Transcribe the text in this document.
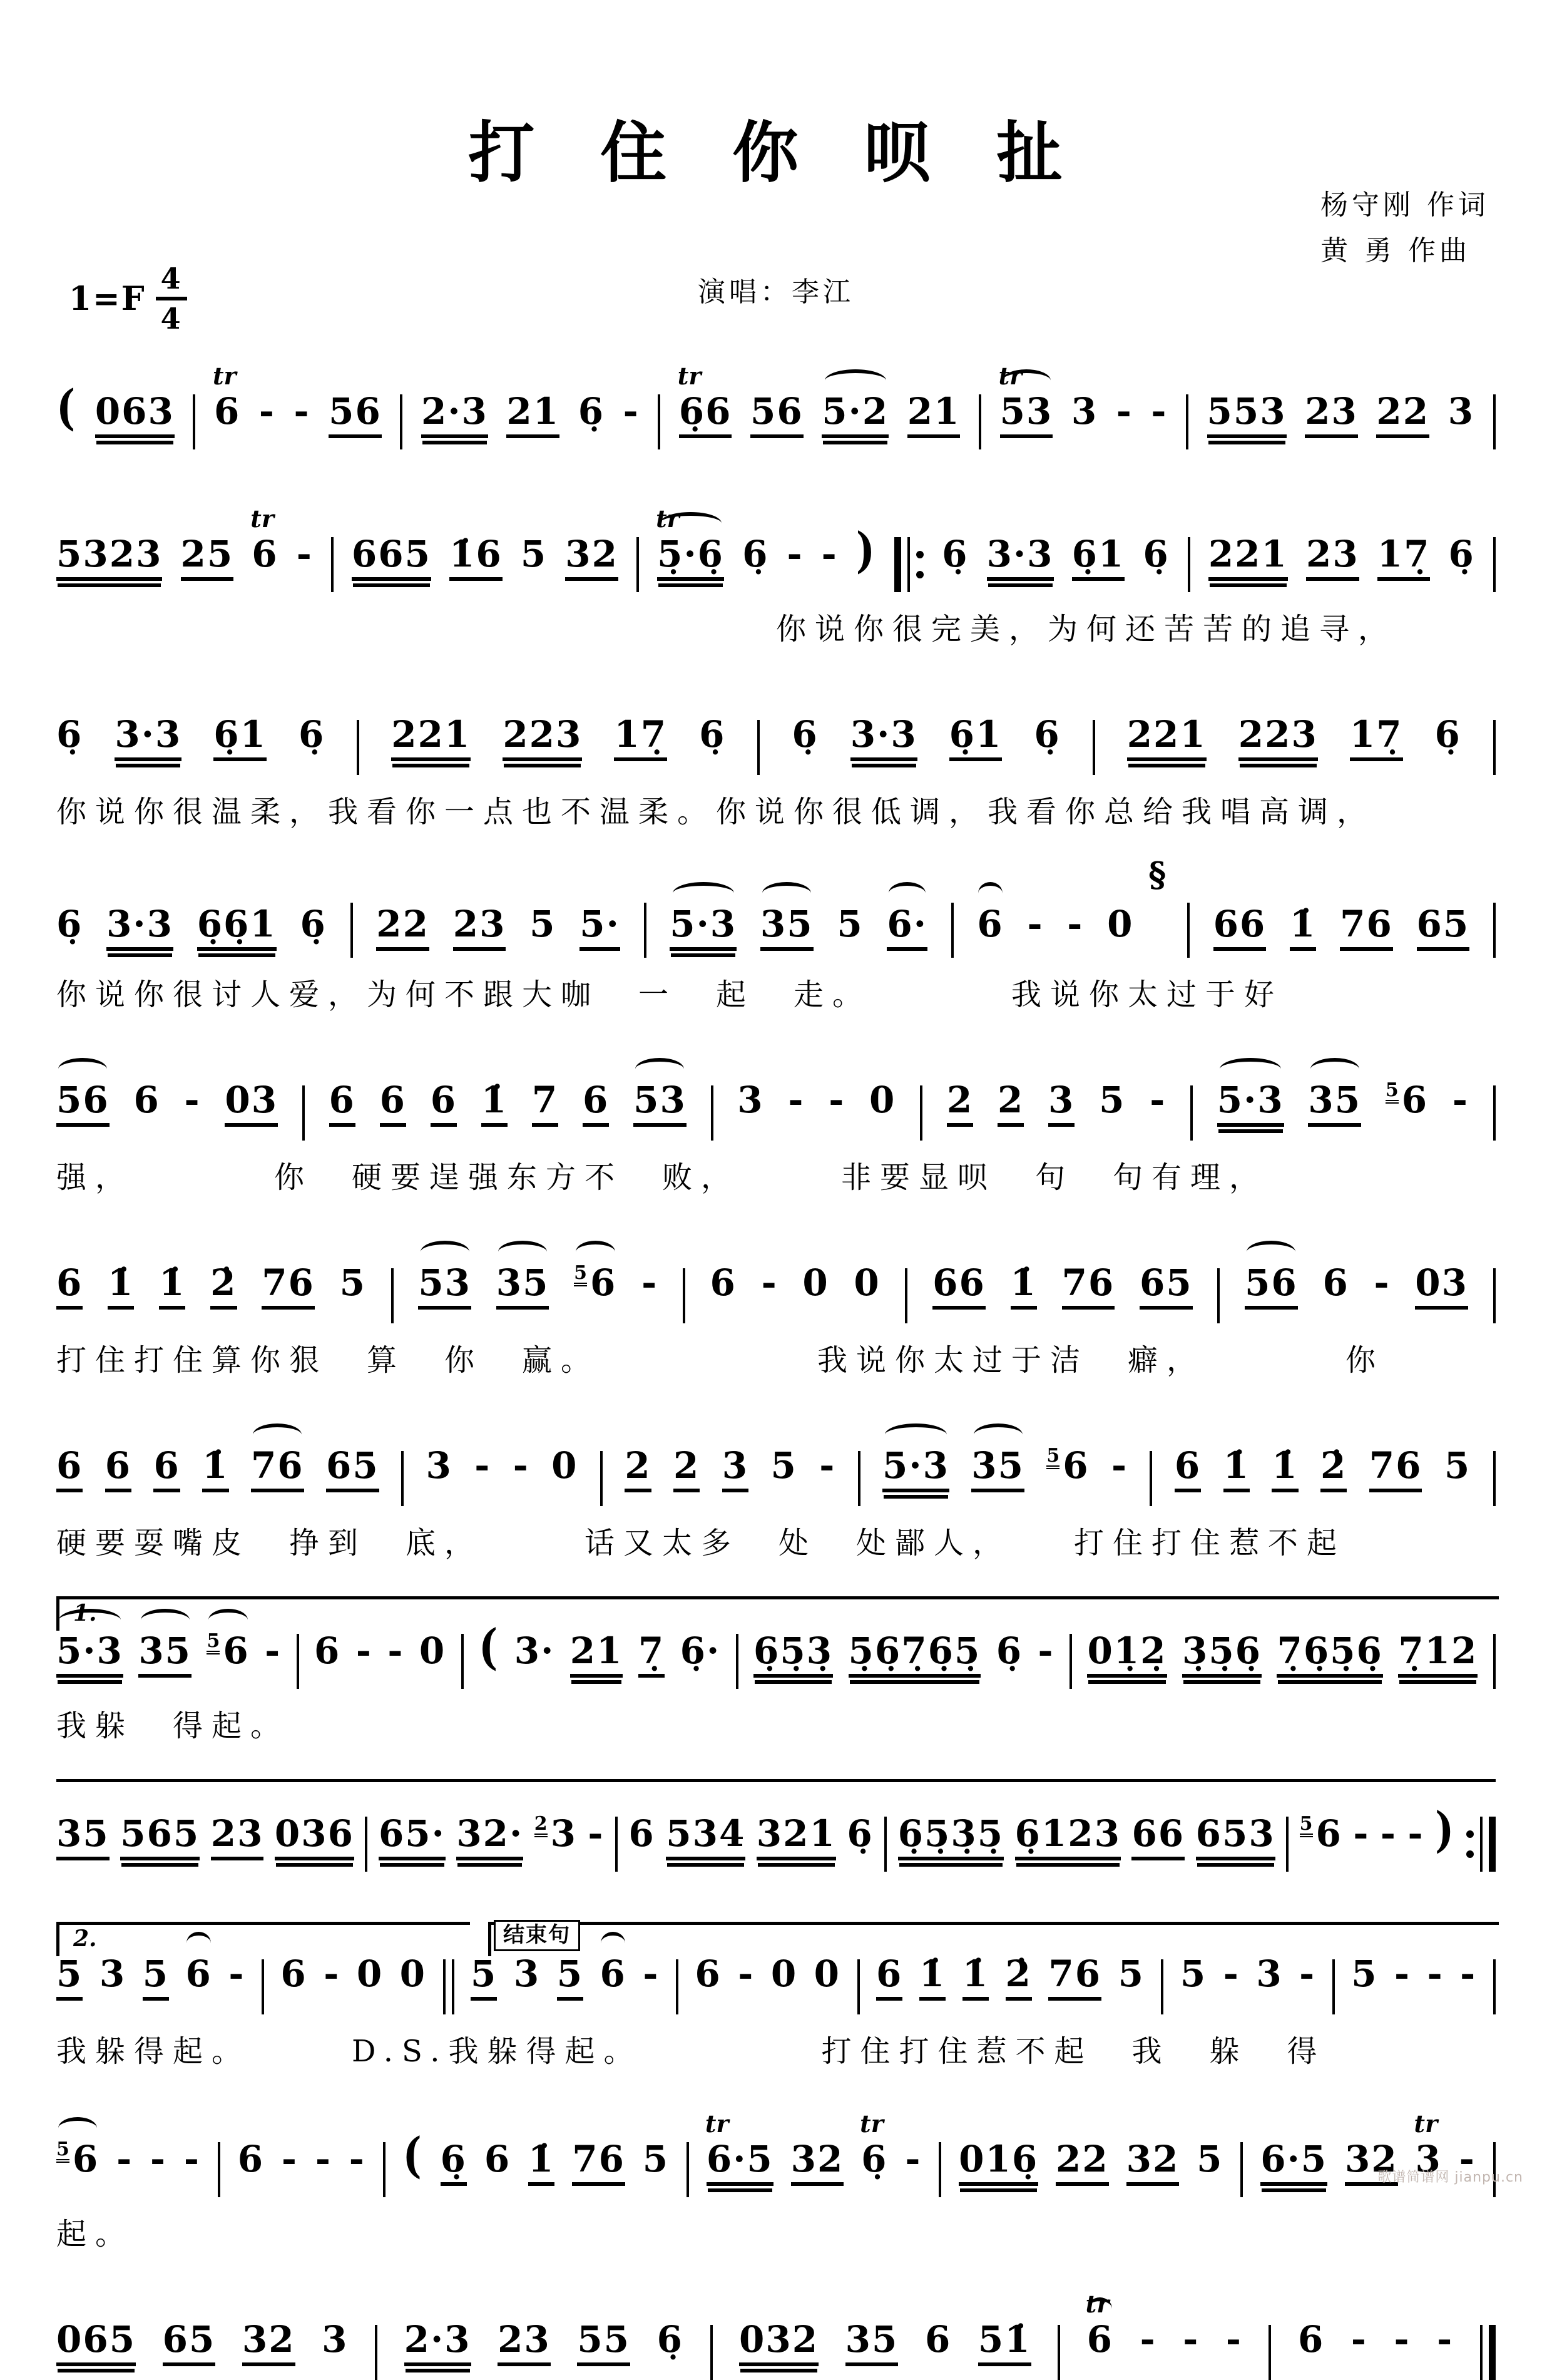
打 住 你 呗 扯
杨守刚 作词
黄 勇 作曲
$1=F \frac{4}{4}$	演唱：李江
( 063
tr
6 - - 56 2·3 21 6̣ -
tr
6̣6 56 5·2 21
tr
53 3 - - 553 23 22 3
5323 25
tr
6 - 665 1̇6 5 32
tr
5̣·6̣ 6̣ - - ) 6̣ 3·3 6̣1 6̣ 221 23 17̣ 6̣
你说你很完美，为何还苦苦的追寻，
6̣ 3·3 6̣1 6̣ 221 223 17̣ 6̣ 6̣ 3·3 6̣1 6̣ 221 223 17̣ 6̣
你说你很温柔，我看你一点也不温柔。你说你很低调，我看你总给我唱高调，
6̣ 3·3 6̣6̣1 6̣ 22 23 5 5· 5·3 35 5 6· 6 - - 0
§
66 1̇ 76 65
你说你很讨人爱，为何不跟大咖　一　起　走。　　　　我说你太过于好
56 6 - 03 6 6 6 1̇ 7 6 53 3 - - 0 2 2 3 5 - 5·3 35 5 6 -
强，　　　　你　硬要逞强东方不　败，　　　非要显呗　句　句有理，
6 1̇ 1̇ 2̇ 76 5 53 35 5 6 - 6 - 0 0 66 1̇ 76 65 56 6 - 03
打住打住算你狠　算　你　赢。　　　　　　我说你太过于洁　癖，　　　　你
6 6 6 1̇ 76 65 3 - - 0 2 2 3 5 - 5·3 35 5 6 - 6 1̇ 1̇ 2̇ 76 5
硬要耍嘴皮　挣到　底，　　　话又太多　处　处鄙人，　　打住打住惹不起
1.
5·3 35 5 6 - 6 - - 0 ( 3· 21 7̣ 6̣· 6̣5̣3̣ 5̣6̣7̣6̣5̣ 6̣ - 01̣2̣ 3̣5̣6̣ 7̣6̣5̣6̣ 7̣12
我躲　得起。
35 565 23 036 65· 32· 2 3 - 6 534 321 6̣ 6̣5̣3̣5̣ 6̣123 66 653 5 6 - - - )
2.	结束句
5 3 5 6 - 6 - 0 0 5 3 5 6 - 6 - 0 0 6 1̇ 1̇ 2̇ 76 5 5 - 3 - 5 - - -
我躲得起。　　　D.S.我躲得起。　　　　　打住打住惹不起　我　躲　得
5 6 - - - 6 - - - ( 6̣ 6 1̇ 76 5
tr
6·5 32
tr
6̣ - 016̣ 22 32 5 6·5 32
tr
3 -
起。
065 65 32 3 2·3 23 55 6̣ 032 35 6 51̇
tr
6 - - - 6 - - -
歌谱简谱网 jianpu.cn
